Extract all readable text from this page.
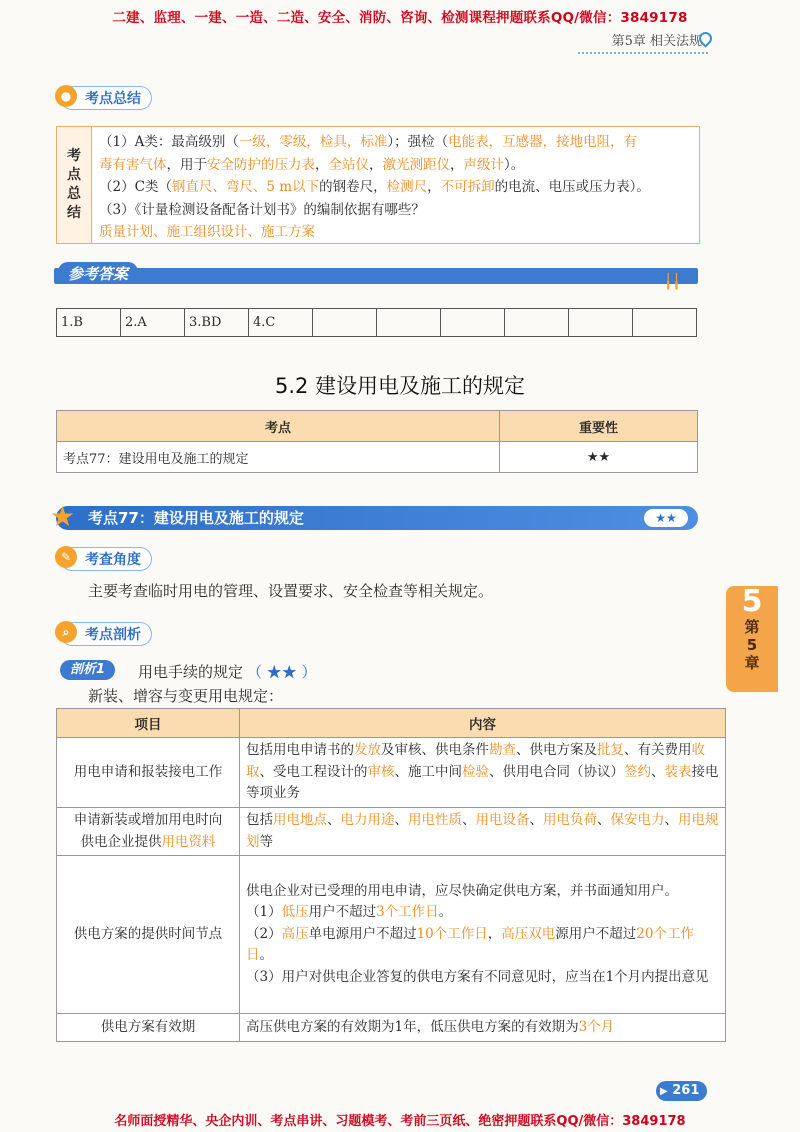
二建、监理、一建、一造、二造、安全、消防、咨询、检测课程押题联系QQ/微信：3849178
第5章 相关法规
● 考点总结
考
点
总
结
（1）A类：最高级别（一级，零级，检具，标准）；强检（电能表，互感器，接地电阻，有
毒有害气体，用于安全防护的压力表，全站仪，激光测距仪，声级计）。
（2）C类（钢直尺、弯尺、5 m以下的钢卷尺，检测尺，不可拆卸的电流、电压或压力表）。
（3）《计量检测设备配备计划书》的编制依据有哪些？
质量计划、施工组织设计、施工方案
参考答案	╽╽
1.B	2.A	3.BD	4.C						
5.2 建设用电及施工的规定
考点	重要性
考点77：建设用电及施工的规定	★★
★ 考点77：建设用电及施工的规定	★★
✎ 考查角度
主要考查临时用电的管理、设置要求、安全检查等相关规定。
⌕	考点剖析
剖析1	用电手续的规定 （ ★★ ）
新装、增容与变更用电规定：
项目	内容
用电申请和报装接电工作	包括用电申请书的发放及审核、供电条件勘查、供电方案及批复、有关费用收取、受电工程设计的审核、施工中间检验、供用电合同（协议）签约、装表接电等项业务
申请新装或增加用电时向
供电企业提供用电资料	包括用电地点、电力用途、用电性质、用电设备、用电负荷、保安电力、用电规划等
供电方案的提供时间节点	供电企业对已受理的用电申请，应尽快确定供电方案，并书面通知用户。
（1）低压用户不超过3个工作日。
（2）高压单电源用户不超过10个工作日，高压双电源用户不超过20个工作日。
（3）用户对供电企业答复的供电方案有不同意见时，应当在1个月内提出意见

供电方案有效期	高压供电方案的有效期为1年，低压供电方案的有效期为3个月
5
第
5
章
▶ 261
名师面授精华、央企内训、考点串讲、习题模考、考前三页纸、绝密押题联系QQ/微信：3849178
